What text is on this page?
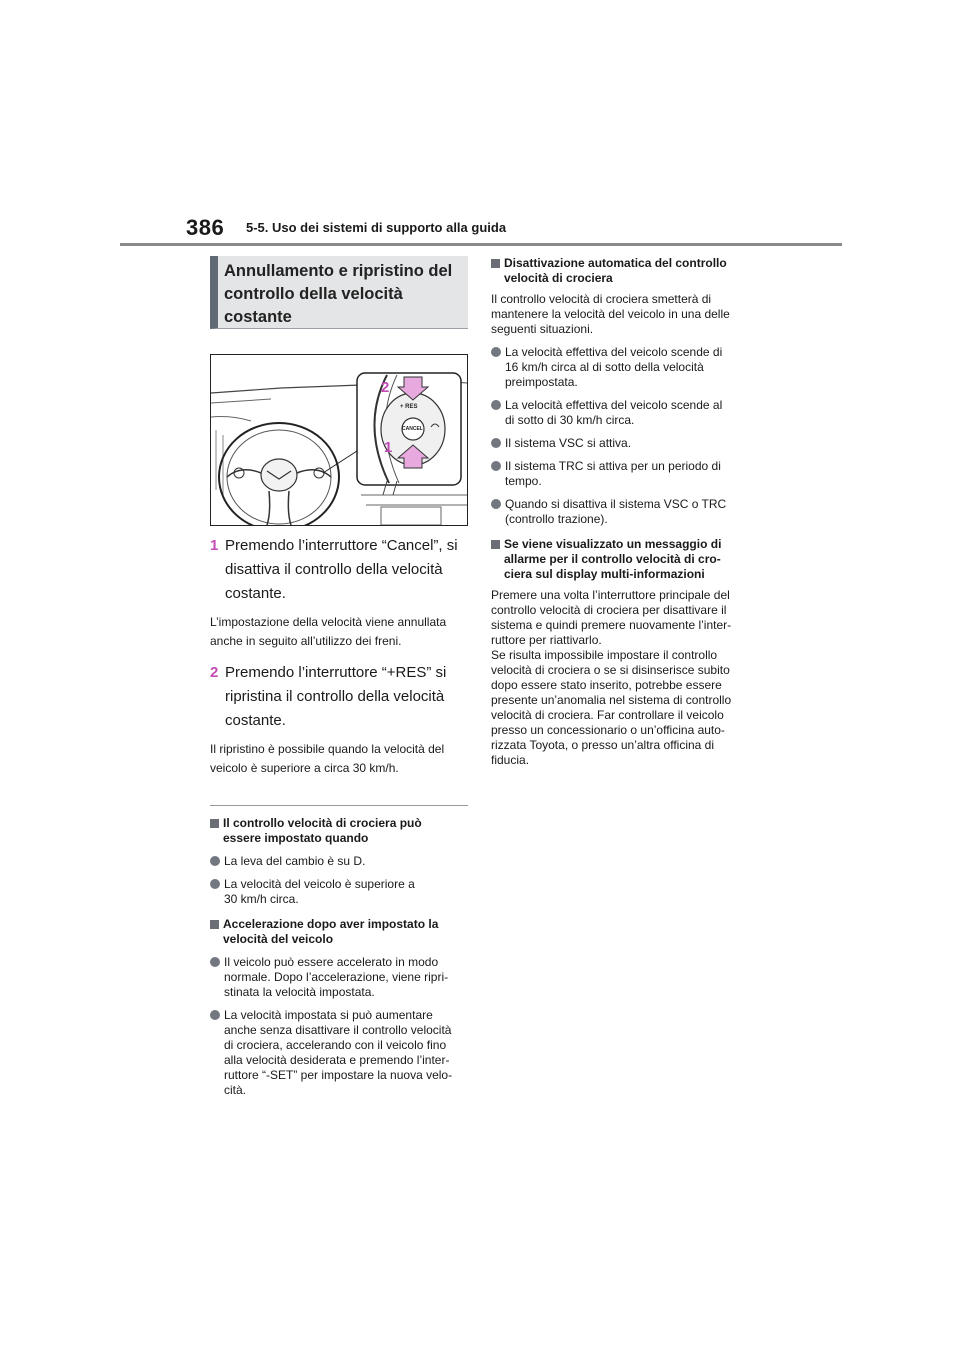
386 5-5. Uso dei sistemi di supporto alla guida
Annullamento e ripristino del
controllo della velocità
costante
+ RES
CANCEL
2
1
1 Premendo l’interruttore “Cancel”, si
disattiva il controllo della velocità
costante.
L’impostazione della velocità viene annullata
anche in seguito all’utilizzo dei freni.
2 Premendo l’interruttore “+RES” si
ripristina il controllo della velocità
costante.
Il ripristino è possibile quando la velocità del
veicolo è superiore a circa 30 km/h.
Il controllo velocità di crociera può
essere impostato quando
La leva del cambio è su D.
La velocità del veicolo è superiore a
30 km/h circa.
Accelerazione dopo aver impostato la
velocità del veicolo
Il veicolo può essere accelerato in modo
normale. Dopo l’accelerazione, viene ripri-
stinata la velocità impostata.
La velocità impostata si può aumentare
anche senza disattivare il controllo velocità
di crociera, accelerando con il veicolo fino
alla velocità desiderata e premendo l’inter-
ruttore “-SET” per impostare la nuova velo-
cità.
Disattivazione automatica del controllo
velocità di crociera
Il controllo velocità di crociera smetterà di
mantenere la velocità del veicolo in una delle
seguenti situazioni.
La velocità effettiva del veicolo scende di
16 km/h circa al di sotto della velocità
preimpostata.
La velocità effettiva del veicolo scende al
di sotto di 30 km/h circa.
Il sistema VSC si attiva.
Il sistema TRC si attiva per un periodo di
tempo.
Quando si disattiva il sistema VSC o TRC
(controllo trazione).
Se viene visualizzato un messaggio di
allarme per il controllo velocità di cro-
ciera sul display multi-informazioni
Premere una volta l’interruttore principale del
controllo velocità di crociera per disattivare il
sistema e quindi premere nuovamente l’inter-
ruttore per riattivarlo.
Se risulta impossibile impostare il controllo
velocità di crociera o se si disinserisce subito
dopo essere stato inserito, potrebbe essere
presente un’anomalia nel sistema di controllo
velocità di crociera. Far controllare il veicolo
presso un concessionario o un’officina auto-
rizzata Toyota, o presso un’altra officina di
fiducia.
